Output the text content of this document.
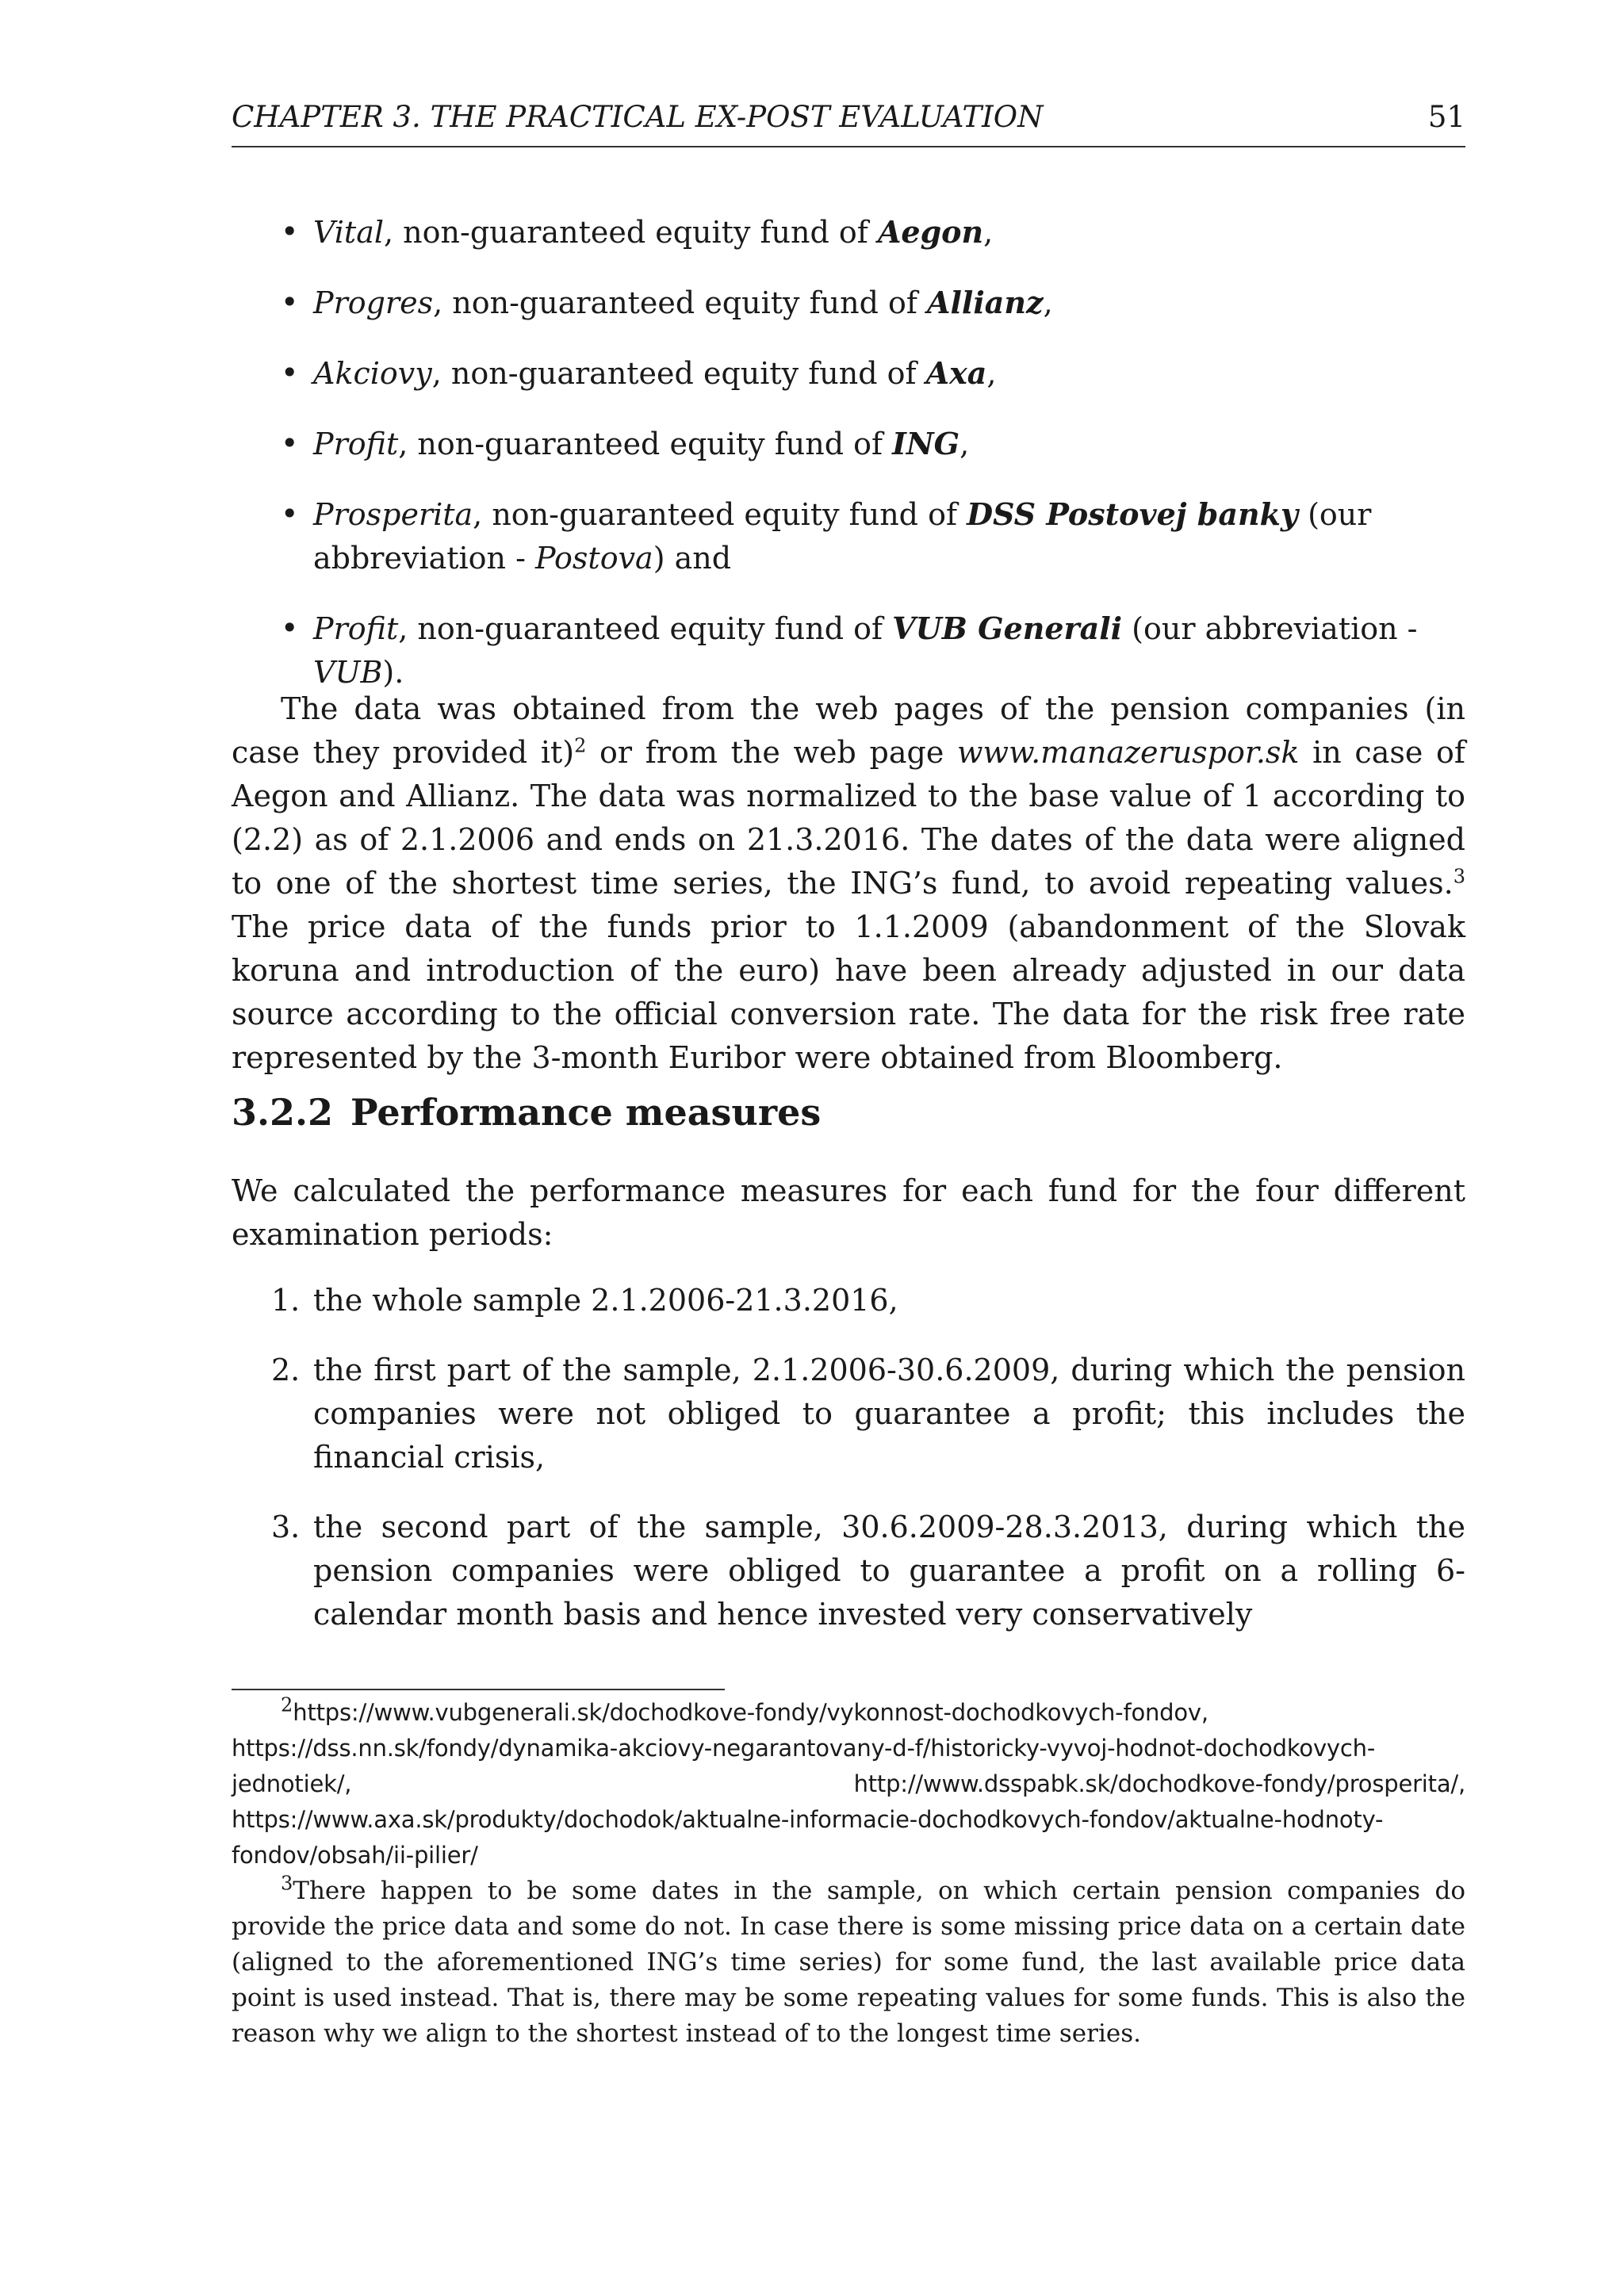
CHAPTER 3. THE PRACTICAL EX-POST EVALUATION	51
• Vital, non-guaranteed equity fund of Aegon,
• Progres, non-guaranteed equity fund of Allianz,
• Akciovy, non-guaranteed equity fund of Axa,
• Profit, non-guaranteed equity fund of ING,
• Prosperita, non-guaranteed equity fund of DSS Postovej banky (our abbreviation - Postova) and
• Profit, non-guaranteed equity fund of VUB Generali (our abbreviation - VUB).

The data was obtained from the web pages of the pension companies (in case they provided it)$^2$ or from the web page www.manazeruspor.sk in case of Aegon and Allianz. The data was normalized to the base value of 1 according to (2.2) as of 2.1.2006 and ends on 21.3.2016. The dates of the data were aligned to one of the shortest time series, the ING’s fund, to avoid repeating values.$^3$ The price data of the funds prior to 1.1.2009 (abandonment of the Slovak koruna and introduction of the euro) have been already adjusted in our data source according to the official conversion rate. The data for the risk free rate represented by the 3-month Euribor were obtained from Bloomberg.

3.2.2 Performance measures

We calculated the performance measures for each fund for the four different examination periods:

1. the whole sample 2.1.2006-21.3.2016,
2. the first part of the sample, 2.1.2006-30.6.2009, during which the pension companies were not obliged to guarantee a profit; this includes the financial crisis,
3. the second part of the sample, 30.6.2009-28.3.2013, during which the pension companies were obliged to guarantee a profit on a rolling 6-calendar month basis and hence invested very conservatively

$^2$https://www.vubgenerali.sk/dochodkove-fondy/vykonnost-dochodkovych-fondov, https://dss.nn.sk/fondy/dynamika-akciovy-negarantovany-d-f/historicky-vyvoj-hodnot-dochodkovych-jednotiek/, http://www.dsspabk.sk/dochodkove-fondy/prosperita/, https://www.axa.sk/produkty/dochodok/aktualne-informacie-dochodkovych-fondov/aktualne-hodnoty-fondov/obsah/ii-pilier/

$^3$There happen to be some dates in the sample, on which certain pension companies do provide the price data and some do not. In case there is some missing price data on a certain date (aligned to the aforementioned ING’s time series) for some fund, the last available price data point is used instead. That is, there may be some repeating values for some funds. This is also the reason why we align to the shortest instead of to the longest time series.
